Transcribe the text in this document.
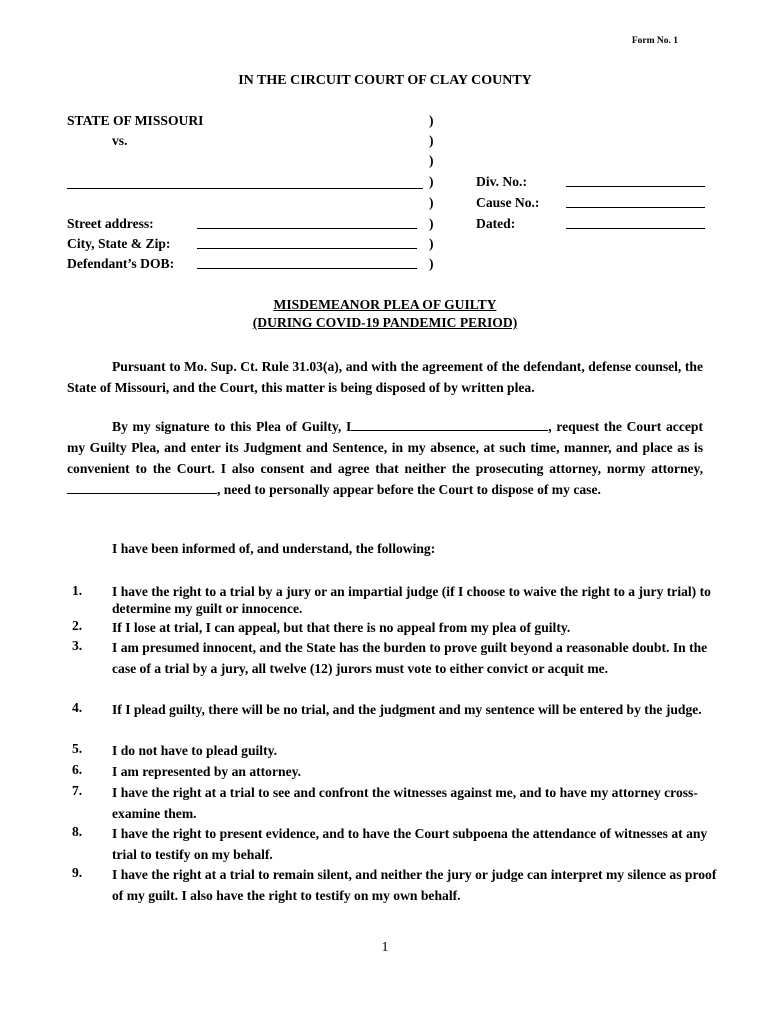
Form No. 1
IN THE CIRCUIT COURT OF CLAY COUNTY
STATE OF MISSOURI
vs.
Street address:
City, State & Zip:
Defendant’s DOB:
)
)
)
)
)
)
)
)
Div. No.:
Cause No.:
Dated:
MISDEMEANOR PLEA OF GUILTY
(DURING COVID-19 PANDEMIC PERIOD)
Pursuant to Mo. Sup. Ct. Rule 31.03(a), and with the agreement of the defendant, defense counsel, the State of Missouri, and the Court, this matter is being disposed of by written plea.
By my signature to this Plea of Guilty, I	, request the Court accept my Guilty Plea, and enter its Judgment and Sentence, in my absence, at such time, manner, and place as is convenient to the Court. I also consent and agree that neither the prosecuting attorney, normy attorney,, need to personally appear before the Court to dispose of my case.
I have been informed of, and understand, the following:
1. I have the right to a trial by a jury or an impartial judge (if I choose to waive the right to a jury trial) to determine my guilt or innocence.
2. If I lose at trial, I can appeal, but that there is no appeal from my plea of guilty.
3. I am presumed innocent, and the State has the burden to prove guilt beyond a reasonable doubt. In the case of a trial by a jury, all twelve (12) jurors must vote to either convict or acquit me.
4. If I plead guilty, there will be no trial, and the judgment and my sentence will be entered by the judge.
5. I do not have to plead guilty.
6. I am represented by an attorney.
7. I have the right at a trial to see and confront the witnesses against me, and to have my attorney cross-examine them.
8. I have the right to present evidence, and to have the Court subpoena the attendance of witnesses at any trial to testify on my behalf.
9. I have the right at a trial to remain silent, and neither the jury or judge can interpret my silence as proof of my guilt. I also have the right to testify on my own behalf.
1
